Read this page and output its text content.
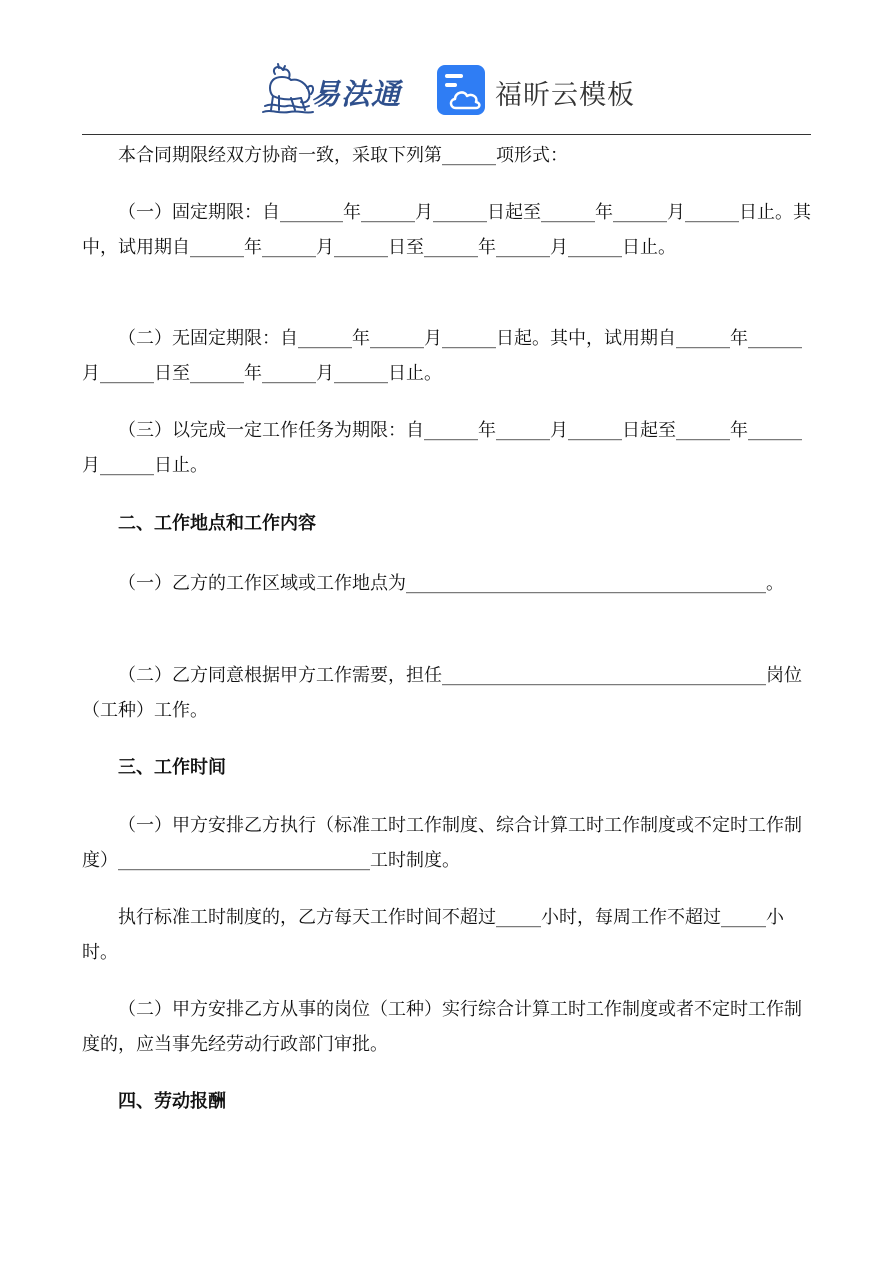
易法通	福昕云模板

本合同期限经双方协商一致，采取下列第______项形式：

（一）固定期限：自_______年______月______日起至______年______月______日止。其中，试用期自______年______月______日至______年______月______日止。

（二）无固定期限：自______年______月______日起。其中，试用期自______年______月______日至______年______月______日止。

（三）以完成一定工作任务为期限：自______年______月______日起至______年______月______日止。

二、工作地点和工作内容

（一）乙方的工作区域或工作地点为________________________________________。

（二）乙方同意根据甲方工作需要，担任____________________________________岗位（工种）工作。

三、工作时间

（一）甲方安排乙方执行（标准工时工作制度、综合计算工时工作制度或不定时工作制度）____________________________工时制度。

执行标准工时制度的，乙方每天工作时间不超过_____小时，每周工作不超过_____小时。

（二）甲方安排乙方从事的岗位（工种）实行综合计算工时工作制度或者不定时工作制度的，应当事先经劳动行政部门审批。

四、劳动报酬
